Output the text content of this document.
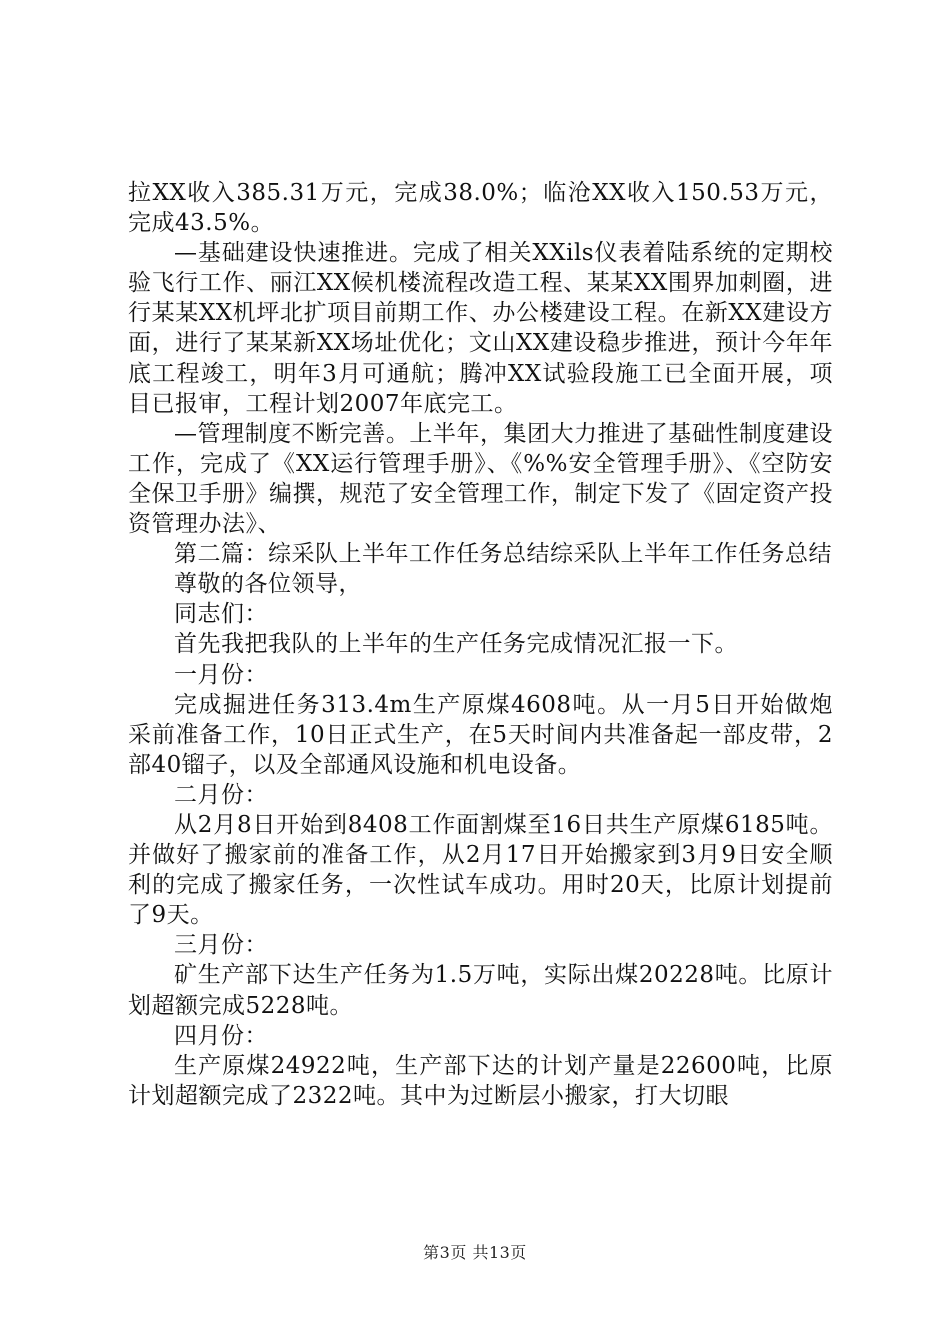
拉XX收入385.31万元，完成38.0%；临沧XX收入150.53万元，完成43.5%。

—基础建设快速推进。完成了相关XXils仪表着陆系统的定期校验飞行工作、丽江XX候机楼流程改造工程、某某XX围界加刺圈，进行某某XX机坪北扩项目前期工作、办公楼建设工程。在新XX建设方面，进行了某某新XX场址优化；文山XX建设稳步推进，预计今年年底工程竣工，明年3月可通航；腾冲XX试验段施工已全面开展，项目已报审，工程计划2007年底完工。

—管理制度不断完善。上半年，集团大力推进了基础性制度建设工作，完成了《XX运行管理手册》、《%%安全管理手册》、《空防安全保卫手册》编撰，规范了安全管理工作，制定下发了《固定资产投资管理办法》、

第二篇：综采队上半年工作任务总结综采队上半年工作任务总结

尊敬的各位领导，

同志们：

首先我把我队的上半年的生产任务完成情况汇报一下。

一月份：

完成掘进任务313.4m生产原煤4608吨。从一月5日开始做炮采前准备工作，10日正式生产，在5天时间内共准备起一部皮带，2部40镏子，以及全部通风设施和机电设备。

二月份：

从2月8日开始到8408工作面割煤至16日共生产原煤6185吨。并做好了搬家前的准备工作，从2月17日开始搬家到3月9日安全顺利的完成了搬家任务，一次性试车成功。用时20天，比原计划提前了9天。

三月份：

矿生产部下达生产任务为1.5万吨，实际出煤20228吨。比原计划超额完成5228吨。

四月份：

生产原煤24922吨，生产部下达的计划产量是22600吨，比原计划超额完成了2322吨。其中为过断层小搬家，打大切眼

第3页 共13页
